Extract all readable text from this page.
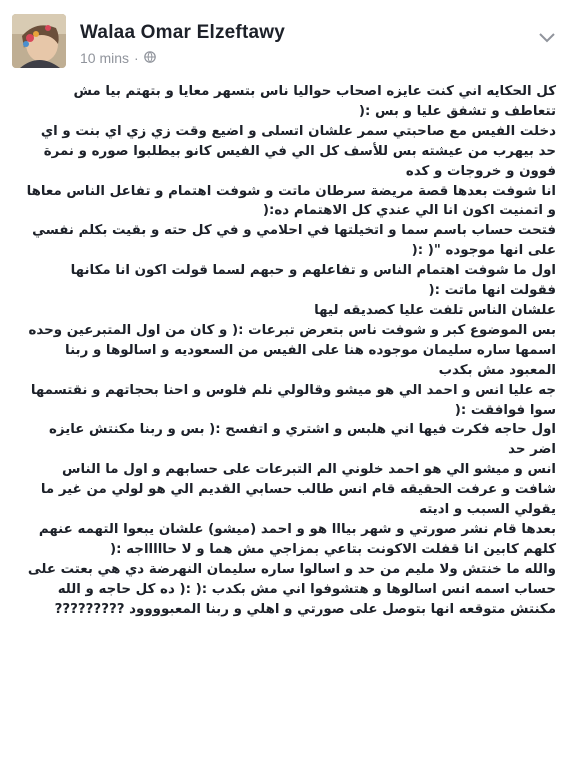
Walaa Omar Elzeftawy
10 mins ·
كل الحكايه اني كنت عايزه اصحاب حواليا ناس بتسهر معايا و بتهتم بيا مش
تتعاطف و تشفق عليا و بس :(
دخلت الفيس مع صاحبتي سمر علشان اتسلى و اضيع وقت زي زي اي بنت و اي
حد بيهرب من عيشته بس للأسف كل الي في الفيس كانو بيطلبوا صوره و نمرة
فوون و خروجات و كده
انا شوفت بعدها قصة مريضة سرطان ماتت و شوفت اهتمام و تفاعل الناس معاها
و اتمنيت اكون انا الي عندي كل الاهتمام ده:(
فتحت حساب باسم سما و اتخيلتها في احلامي و في كل حته و بقيت بكلم نفسي
على انها موجوده "( :(
اول ما شوفت اهتمام الناس و تفاعلهم و حبهم لسما قولت اكون انا مكانها
فقولت انها ماتت :(
علشان الناس تلفت عليا كصديقه ليها
بس الموضوع كبر و شوفت ناس بتعرض تبرعات :( و كان من اول المتبرعين وحده
اسمها ساره سليمان موجوده هنا على الفيس من السعوديه و اسالوها و ربنا
المعبود مش بكدب
جه عليا انس و احمد الي هو ميشو وقالولي نلم فلوس و احنا بحجاتهم و نقتسمها
سوا فوافقت :(
اول حاجه فكرت فيها اني هلبس و اشتري و اتفسح :( بس و ربنا مكنتش عايزه
اضر حد
انس و ميشو الي هو احمد خلوني الم التبرعات على حسابهم و اول ما الناس
شافت و عرفت الحقيقه قام انس طالب حسابي القديم الي هو لولي من غير ما
يقولي السبب و اديته
بعدها قام نشر صورتي و شهر بيااا هو و احمد (ميشو) علشان يبعوا التهمه عنهم
كلهم كابين انا قفلت الاكونت بتاعي بمزاجي مش هما و لا حاااااجه :(
والله ما خنتش ولا مليم من حد و اسالوا ساره سليمان النهرضة دي هي بعتت على
حساب اسمه انس اسالوها و هتشوفوا اني مش بكدب :( :( ده كل حاجه و الله
مكنتش متوقعه انها بتوصل على صورتي و اهلي و ربنا المعبوووود ?????????
